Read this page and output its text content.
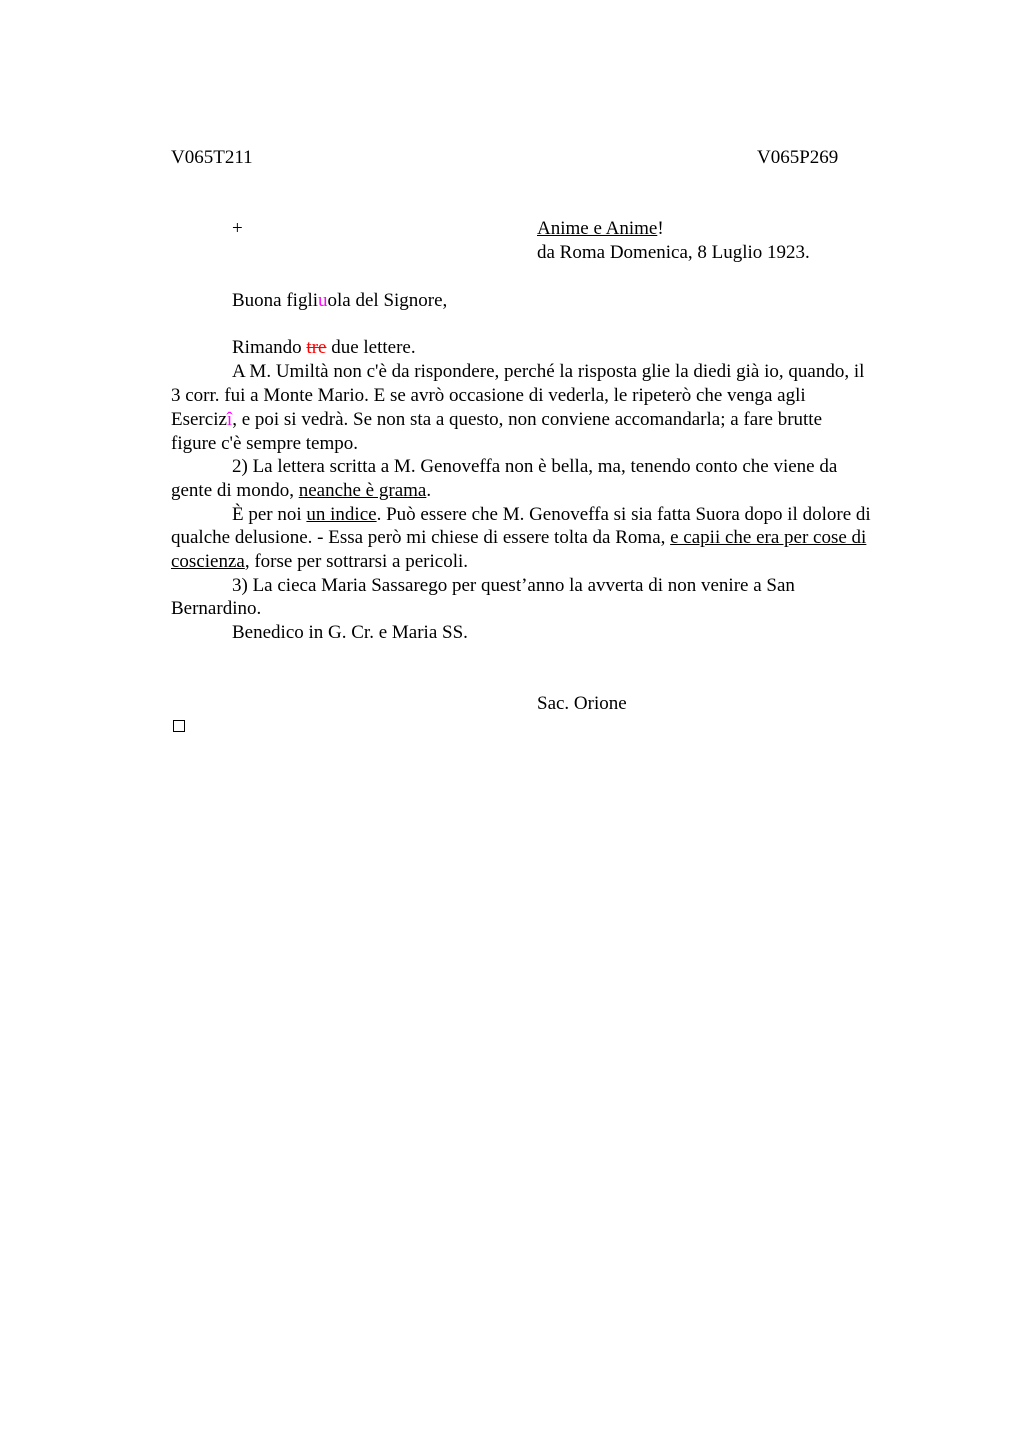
V065T211	V065P269
+	Anime e Anime!
da Roma Domenica, 8 Luglio 1923.
Buona figliuola del Signore,
Rimando tre due lettere.
A M. Umiltà non c'è da rispondere, perché la risposta glie la diedi già io, quando, il
3 corr. fui a Monte Mario. E se avrò occasione di vederla, le ripeterò che venga agli
Esercizî, e poi si vedrà. Se non sta a questo, non conviene accomandarla; a fare brutte
figure c'è sempre tempo.
2) La lettera scritta a M. Genoveffa non è bella, ma, tenendo conto che viene da
gente di mondo, neanche è grama.
È per noi un indice. Può essere che M. Genoveffa si sia fatta Suora dopo il dolore di
qualche delusione. - Essa però mi chiese di essere tolta da Roma, e capii che era per cose di
coscienza, forse per sottrarsi a pericoli.
3) La cieca Maria Sassarego per quest’anno la avverta di non venire a San
Bernardino.
Benedico in G. Cr. e Maria SS.
Sac. Orione
